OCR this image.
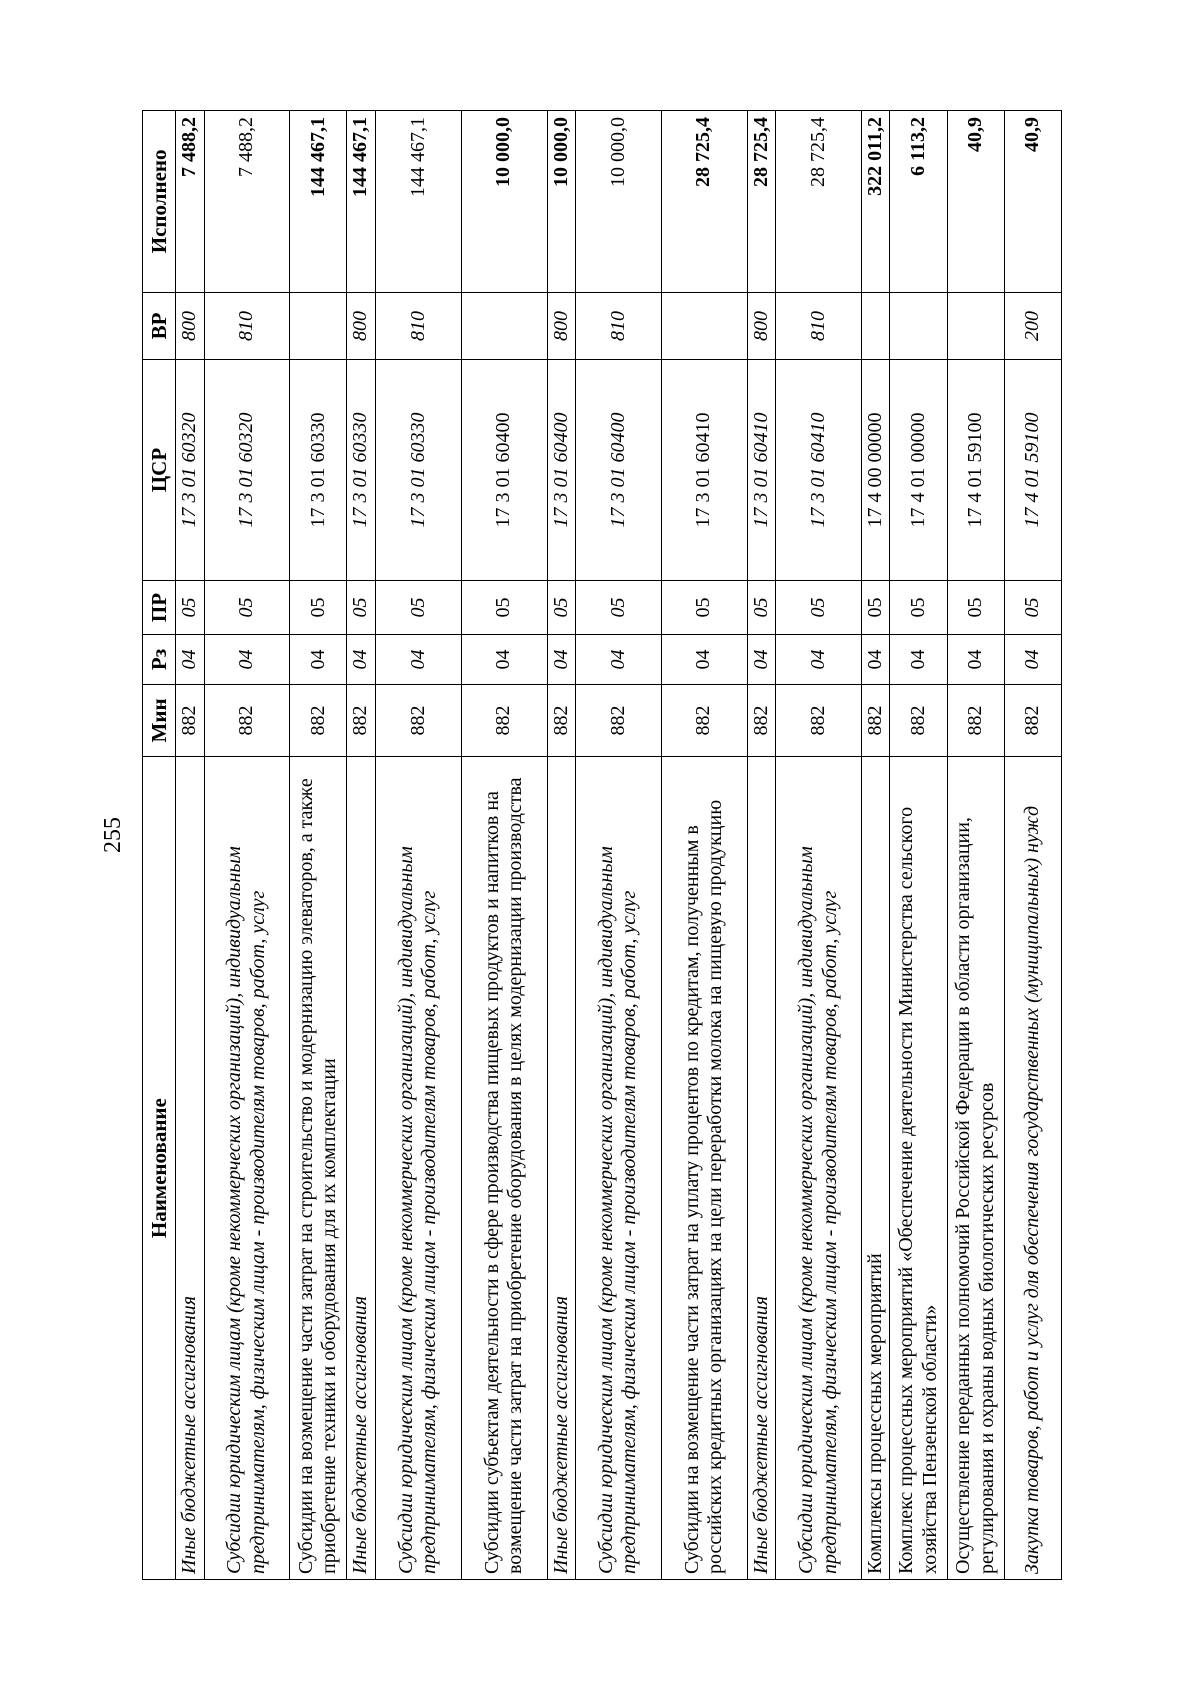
255
Наименование	Мин	Рз	ПР	ЦСР	ВР	Исполнено
Иные бюджетные ассигнования	882	04	05	17 3 01 60320	800	7 488,2
Субсидии юридическим лицам (кроме некоммерческих организаций), индивидуальным предпринимателям, физическим лицам - производителям товаров, работ, услуг	882	04	05	17 3 01 60320	810	7 488,2
Субсидии на возмещение части затрат на строительство и модернизацию элеваторов, а также приобретение техники и оборудования для их комплектации	882	04	05	17 3 01 60330		144 467,1
Иные бюджетные ассигнования	882	04	05	17 3 01 60330	800	144 467,1
Субсидии юридическим лицам (кроме некоммерческих организаций), индивидуальным предпринимателям, физическим лицам - производителям товаров, работ, услуг	882	04	05	17 3 01 60330	810	144 467,1
Субсидии субъектам деятельности в сфере производства пищевых продуктов и напитков на возмещение части затрат на приобретение оборудования в целях модернизации производства	882	04	05	17 3 01 60400		10 000,0
Иные бюджетные ассигнования	882	04	05	17 3 01 60400	800	10 000,0
Субсидии юридическим лицам (кроме некоммерческих организаций), индивидуальным предпринимателям, физическим лицам - производителям товаров, работ, услуг	882	04	05	17 3 01 60400	810	10 000,0
Субсидии на возмещение части затрат на уплату процентов по кредитам, полученным в российских кредитных организациях на цели переработки молока на пищевую продукцию	882	04	05	17 3 01 60410		28 725,4
Иные бюджетные ассигнования	882	04	05	17 3 01 60410	800	28 725,4
Субсидии юридическим лицам (кроме некоммерческих организаций), индивидуальным предпринимателям, физическим лицам - производителям товаров, работ, услуг	882	04	05	17 3 01 60410	810	28 725,4
Комплексы процессных мероприятий	882	04	05	17 4 00 00000		322 011,2
Комплекс процессных мероприятий «Обеспечение деятельности Министерства сельского хозяйства Пензенской области»	882	04	05	17 4 01 00000		6 113,2
Осуществление переданных полномочий Российской Федерации в области организации, регулирования и охраны водных биологических ресурсов	882	04	05	17 4 01 59100		40,9
Закупка товаров, работ и услуг для обеспечения государственных (муниципальных) нужд	882	04	05	17 4 01 59100	200	40,9
